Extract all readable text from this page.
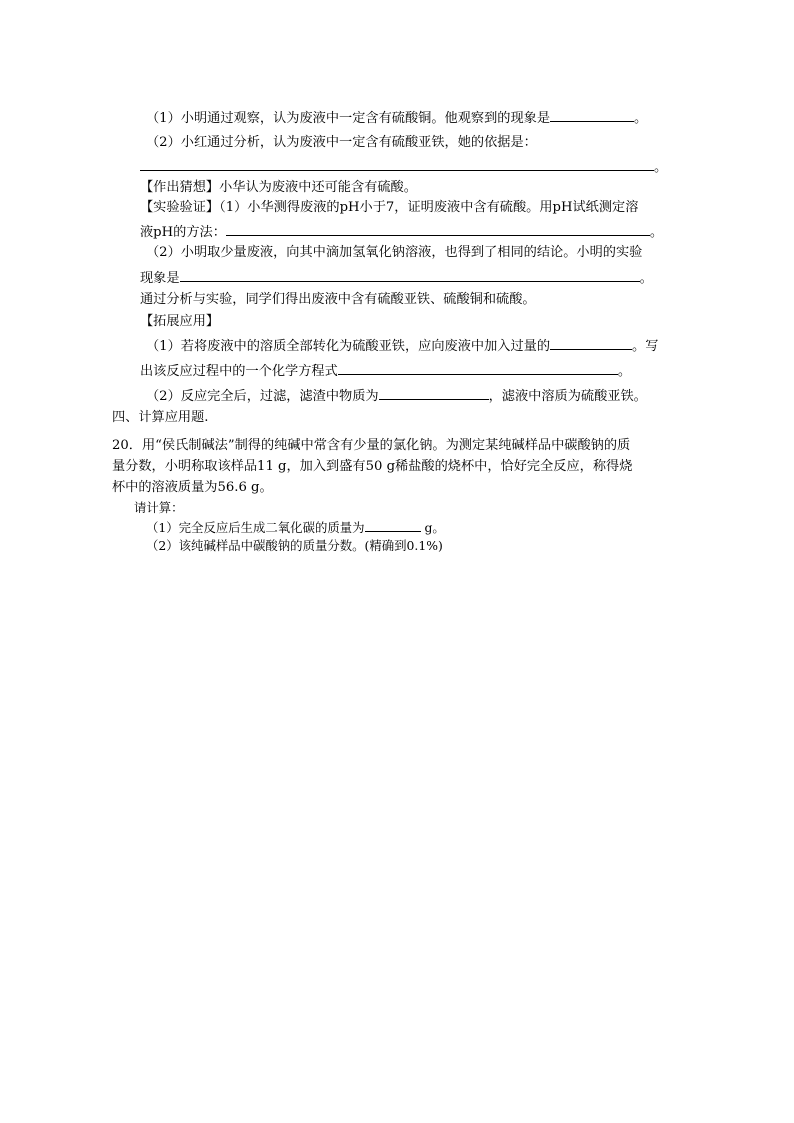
（1）小明通过观察，认为废液中一定含有硫酸铜。他观察到的现象是	。
（2）小红通过分析，认为废液中一定含有硫酸亚铁，她的依据是：
。
【作出猜想】小华认为废液中还可能含有硫酸。
【实验验证】（1）小华测得废液的pH小于7，证明废液中含有硫酸。用pH试纸测定溶
液pH的方法：	。
（2）小明取少量废液，向其中滴加氢氧化钠溶液，也得到了相同的结论。小明的实验
现象是	。
通过分析与实验，同学们得出废液中含有硫酸亚铁、硫酸铜和硫酸。
【拓展应用】
（1）若将废液中的溶质全部转化为硫酸亚铁，应向废液中加入过量的	。写
出该反应过程中的一个化学方程式	。
（2）反应完全后，过滤，滤渣中物质为	，滤液中溶质为硫酸亚铁。
四、计算应用题.
20．用“侯氏制碱法”制得的纯碱中常含有少量的氯化钠。为测定某纯碱样品中碳酸钠的质
量分数，小明称取该样品11 g，加入到盛有50 g稀盐酸的烧杯中，恰好完全反应，称得烧
杯中的溶液质量为56.6 g。
请计算：
（1）完全反应后生成二氧化碳的质量为	g。
（2）该纯碱样品中碳酸钠的质量分数。(精确到0.1%)
